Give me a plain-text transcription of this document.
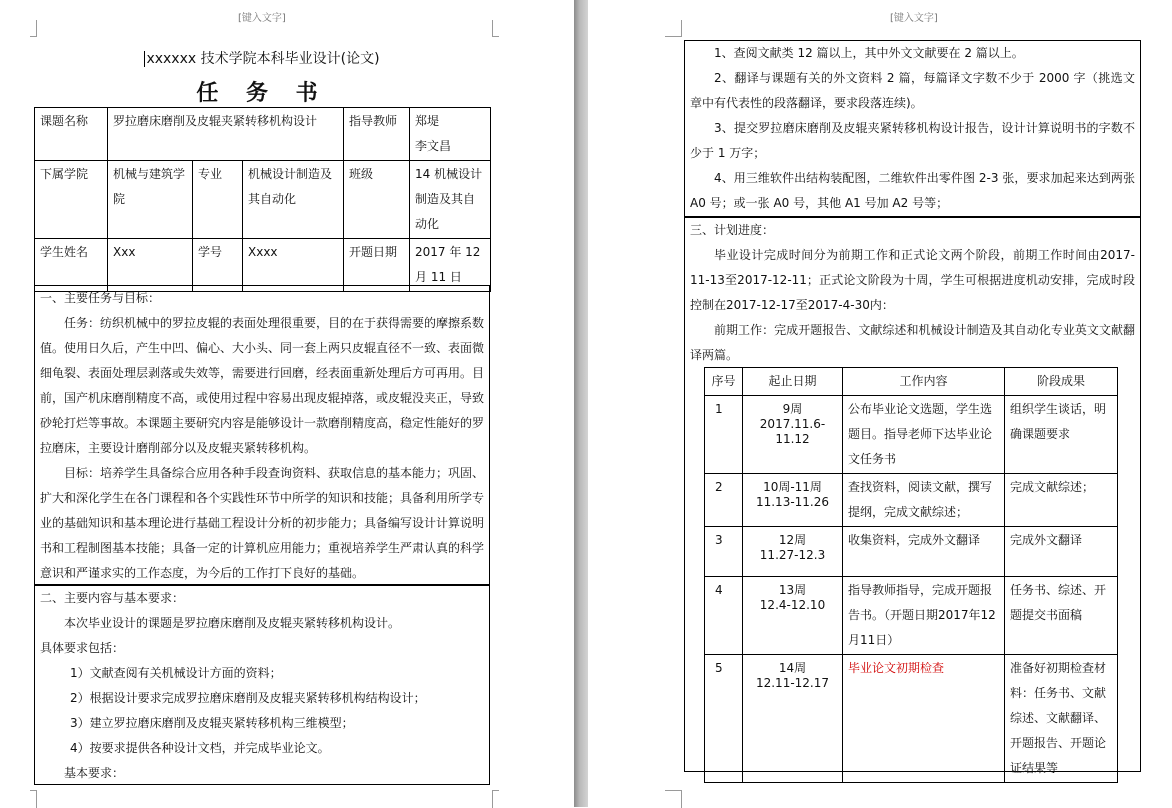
[键入文字]
xxxxxx 技术学院本科毕业设计(论文)
任 务 书
课题名称	罗拉磨床磨削及皮辊夹紧转移机构设计			指导教师	郑堤
李文昌

下属学院	机械与建筑学院	专业	机械设计制造及其自动化	班级	14 机械设计制造及其自动化
学生姓名	Xxx	学号	Xxxx	开题日期	2017 年 12 月 11 日

一、主要任务与目标：

任务：纺织机械中的罗拉皮辊的表面处理很重要，目的在于获得需要的摩擦系数值。使用日久后，产生中凹、偏心、大小头、同一套上两只皮辊直径不一致、表面微细龟裂、表面处理层剥落或失效等，需要进行回磨，经表面重新处理后方可再用。目前，国产机床磨削精度不高，或使用过程中容易出现皮辊掉落，或皮辊没夹正，导致砂轮打烂等事故。本课题主要研究内容是能够设计一款磨削精度高，稳定性能好的罗拉磨床，主要设计磨削部分以及皮辊夹紧转移机构。

目标：培养学生具备综合应用各种手段查询资料、获取信息的基本能力；巩固、扩大和深化学生在各门课程和各个实践性环节中所学的知识和技能；具备利用所学专业的基础知识和基本理论进行基础工程设计分析的初步能力；具备编写设计计算说明书和工程制图基本技能；具备一定的计算机应用能力；重视培养学生严肃认真的科学意识和严谨求实的工作态度，为今后的工作打下良好的基础。

二、主要内容与基本要求：

本次毕业设计的课题是罗拉磨床磨削及皮辊夹紧转移机构设计。

具体要求包括：

1）文献查阅有关机械设计方面的资料；

2）根据设计要求完成罗拉磨床磨削及皮辊夹紧转移机构结构设计；

3）建立罗拉磨床磨削及皮辊夹紧转移机构三维模型；

4）按要求提供各种设计文档，并完成毕业论文。

基本要求：

[键入文字]

1、查阅文献类 12 篇以上，其中外文文献要在 2 篇以上。

2、翻译与课题有关的外文资料 2 篇，每篇译文字数不少于 2000 字（挑选文章中有代表性的段落翻译，要求段落连续)。

3、提交罗拉磨床磨削及皮辊夹紧转移机构设计报告，设计计算说明书的字数不少于 1 万字；

4、用三维软件出结构装配图，二维软件出零件图 2-3 张，要求加起来达到两张 A0 号；或一张 A0 号，其他 A1 号加 A2 号等；

三、计划进度：

毕业设计完成时间分为前期工作和正式论文两个阶段，前期工作时间由2017-11-13至2017-12-11；正式论文阶段为十周，学生可根据进度机动安排，完成时段控制在2017-12-17至2017-4-30内：

前期工作：完成开题报告、文献综述和机械设计制造及其自动化专业英文文献翻译两篇。

序号	起止日期	工作内容	阶段成果
1	9周
2017.11.6-11.12	公布毕业论文选题，学生选题目。指导老师下达毕业论文任务书	组织学生谈话，明确课题要求
2	10周-11周
11.13-11.26	查找资料，阅读文献，撰写提纲，完成文献综述；	完成文献综述；
3	12周
11.27-12.3	收集资料，完成外文翻译	完成外文翻译
4	13周
12.4-12.10	指导教师指导，完成开题报告书。（开题日期2017年12月11日）	任务书、综述、开题提交书面稿
5	14周
12.11-12.17	毕业论文初期检查	准备好初期检查材料：任务书、文献综述、文献翻译、开题报告、开题论证结果等
